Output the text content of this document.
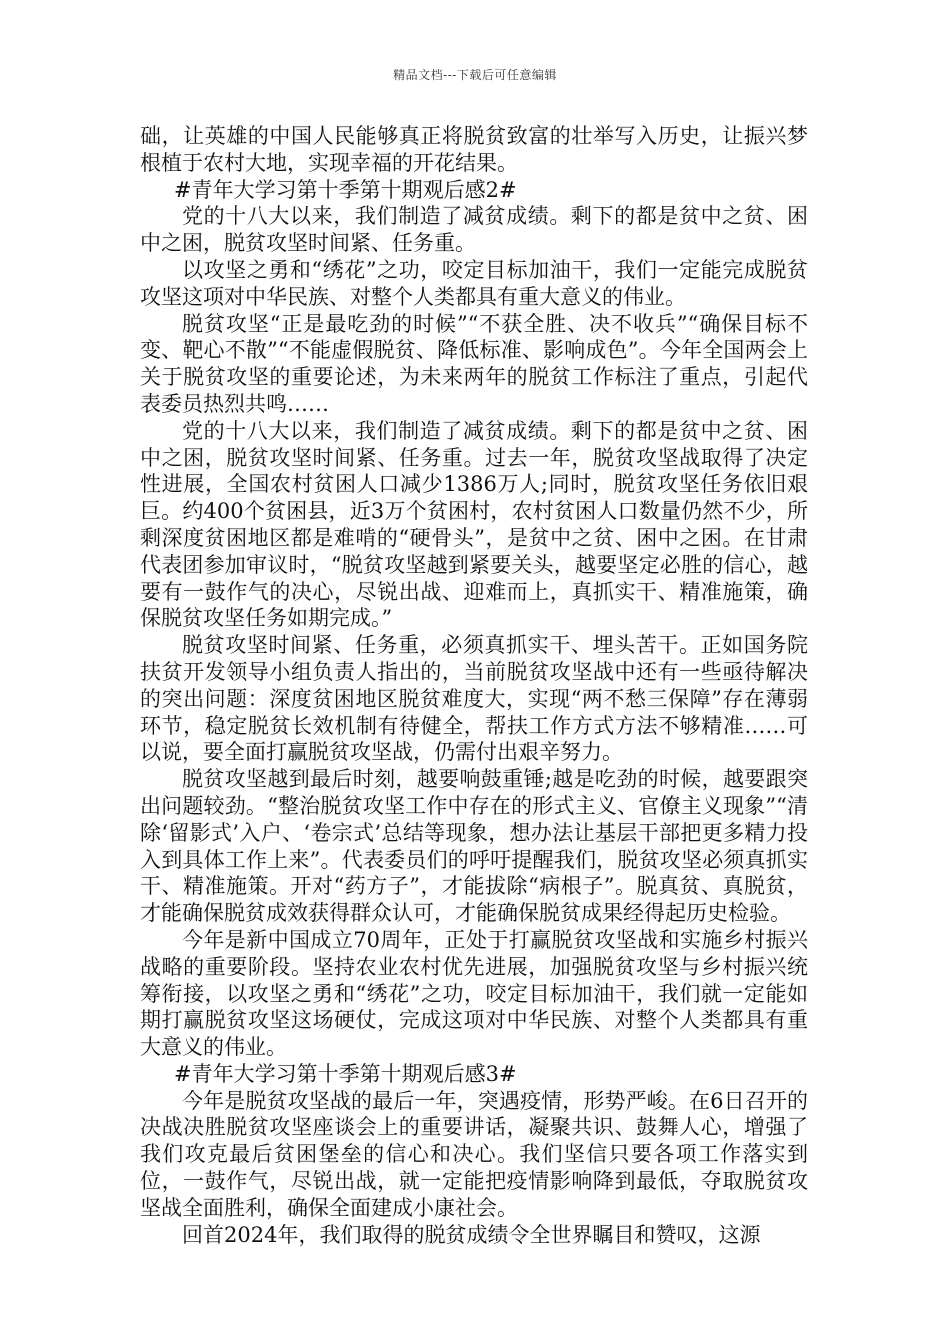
精品文档---下载后可任意编辑

础，让英雄的中国人民能够真正将脱贫致富的壮举写入历史，让振兴梦根植于农村大地，实现幸福的开花结果。

#青年大学习第十季第十期观后感2#

党的十八大以来，我们制造了减贫成绩。剩下的都是贫中之贫、困中之困，脱贫攻坚时间紧、任务重。

以攻坚之勇和“绣花”之功，咬定目标加油干，我们一定能完成脱贫攻坚这项对中华民族、对整个人类都具有重大意义的伟业。

脱贫攻坚“正是最吃劲的时候”“不获全胜、决不收兵”“确保目标不变、靶心不散”“不能虚假脱贫、降低标准、影响成色”。今年全国两会上关于脱贫攻坚的重要论述，为未来两年的脱贫工作标注了重点，引起代表委员热烈共鸣……

党的十八大以来，我们制造了减贫成绩。剩下的都是贫中之贫、困中之困，脱贫攻坚时间紧、任务重。过去一年，脱贫攻坚战取得了决定性进展，全国农村贫困人口减少1386万人;同时，脱贫攻坚任务依旧艰巨。约400个贫困县，近3万个贫困村，农村贫困人口数量仍然不少，所剩深度贫困地区都是难啃的“硬骨头”，是贫中之贫、困中之困。在甘肃代表团参加审议时，“脱贫攻坚越到紧要关头，越要坚定必胜的信心，越要有一鼓作气的决心，尽锐出战、迎难而上，真抓实干、精准施策，确保脱贫攻坚任务如期完成。”

脱贫攻坚时间紧、任务重，必须真抓实干、埋头苦干。正如国务院扶贫开发领导小组负责人指出的，当前脱贫攻坚战中还有一些亟待解决的突出问题：深度贫困地区脱贫难度大，实现“两不愁三保障”存在薄弱环节，稳定脱贫长效机制有待健全，帮扶工作方式方法不够精准……可以说，要全面打赢脱贫攻坚战，仍需付出艰辛努力。

脱贫攻坚越到最后时刻，越要响鼓重锤;越是吃劲的时候，越要跟突出问题较劲。“整治脱贫攻坚工作中存在的形式主义、官僚主义现象”“清除‘留影式’入户、‘卷宗式’总结等现象，想办法让基层干部把更多精力投入到具体工作上来”。代表委员们的呼吁提醒我们，脱贫攻坚必须真抓实干、精准施策。开对“药方子”，才能拔除“病根子”。脱真贫、真脱贫，才能确保脱贫成效获得群众认可，才能确保脱贫成果经得起历史检验。

今年是新中国成立70周年，正处于打赢脱贫攻坚战和实施乡村振兴战略的重要阶段。坚持农业农村优先进展，加强脱贫攻坚与乡村振兴统筹衔接，以攻坚之勇和“绣花”之功，咬定目标加油干，我们就一定能如期打赢脱贫攻坚这场硬仗，完成这项对中华民族、对整个人类都具有重大意义的伟业。

#青年大学习第十季第十期观后感3#

今年是脱贫攻坚战的最后一年，突遇疫情，形势严峻。在6日召开的决战决胜脱贫攻坚座谈会上的重要讲话，凝聚共识、鼓舞人心，增强了我们攻克最后贫困堡垒的信心和决心。我们坚信只要各项工作落实到位，一鼓作气，尽锐出战，就一定能把疫情影响降到最低，夺取脱贫攻坚战全面胜利，确保全面建成小康社会。

回首2024年，我们取得的脱贫成绩令全世界瞩目和赞叹，这源
